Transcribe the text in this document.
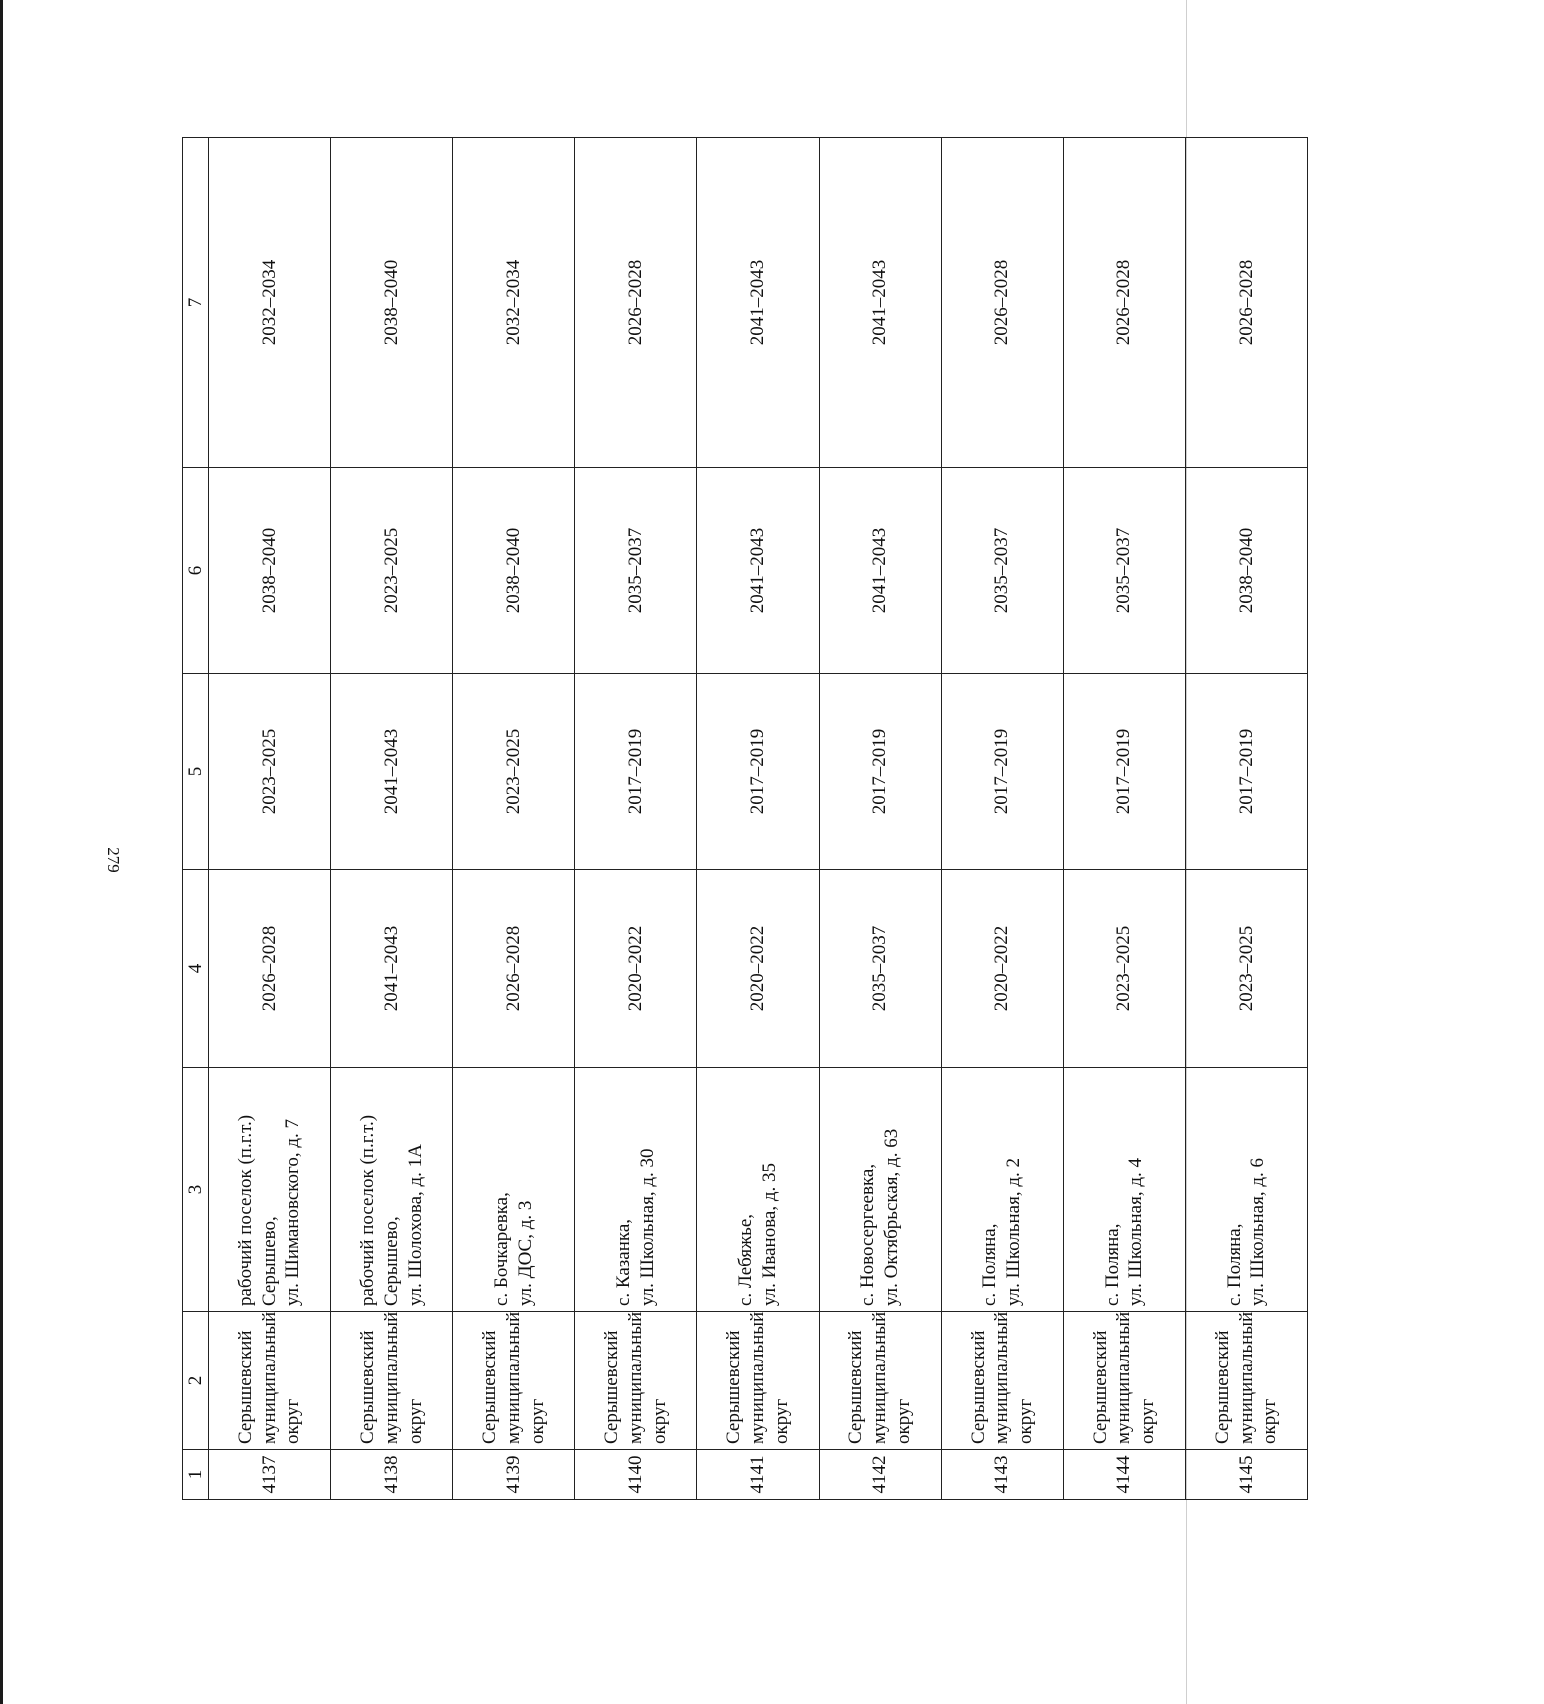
279
1	2	3	4	5	6	7
4137	Серышевский муниципальный округ	рабочий поселок (п.г.т.) Серышево, ул. Шимановского, д. 7	2026–2028	2023–2025	2038–2040	2032–2034
4138	Серышевский муниципальный округ	рабочий поселок (п.г.т.) Серышево, ул. Шолохова, д. 1А	2041–2043	2041–2043	2023–2025	2038–2040
4139	Серышевский муниципальный округ	с. Бочкаревка, ул. ДОС, д. 3	2026–2028	2023–2025	2038–2040	2032–2034
4140	Серышевский муниципальный округ	с. Казанка, ул. Школьная, д. 30	2020–2022	2017–2019	2035–2037	2026–2028
4141	Серышевский муниципальный округ	с. Лебяжье, ул. Иванова, д. 35	2020–2022	2017–2019	2041–2043	2041–2043
4142	Серышевский муниципальный округ	с. Новосергеевка, ул. Октябрьская, д. 63	2035–2037	2017–2019	2041–2043	2041–2043
4143	Серышевский муниципальный округ	с. Поляна, ул. Школьная, д. 2	2020–2022	2017–2019	2035–2037	2026–2028
4144	Серышевский муниципальный округ	с. Поляна, ул. Школьная, д. 4	2023–2025	2017–2019	2035–2037	2026–2028
4145	Серышевский муниципальный округ	с. Поляна, ул. Школьная, д. 6	2023–2025	2017–2019	2038–2040	2026–2028
